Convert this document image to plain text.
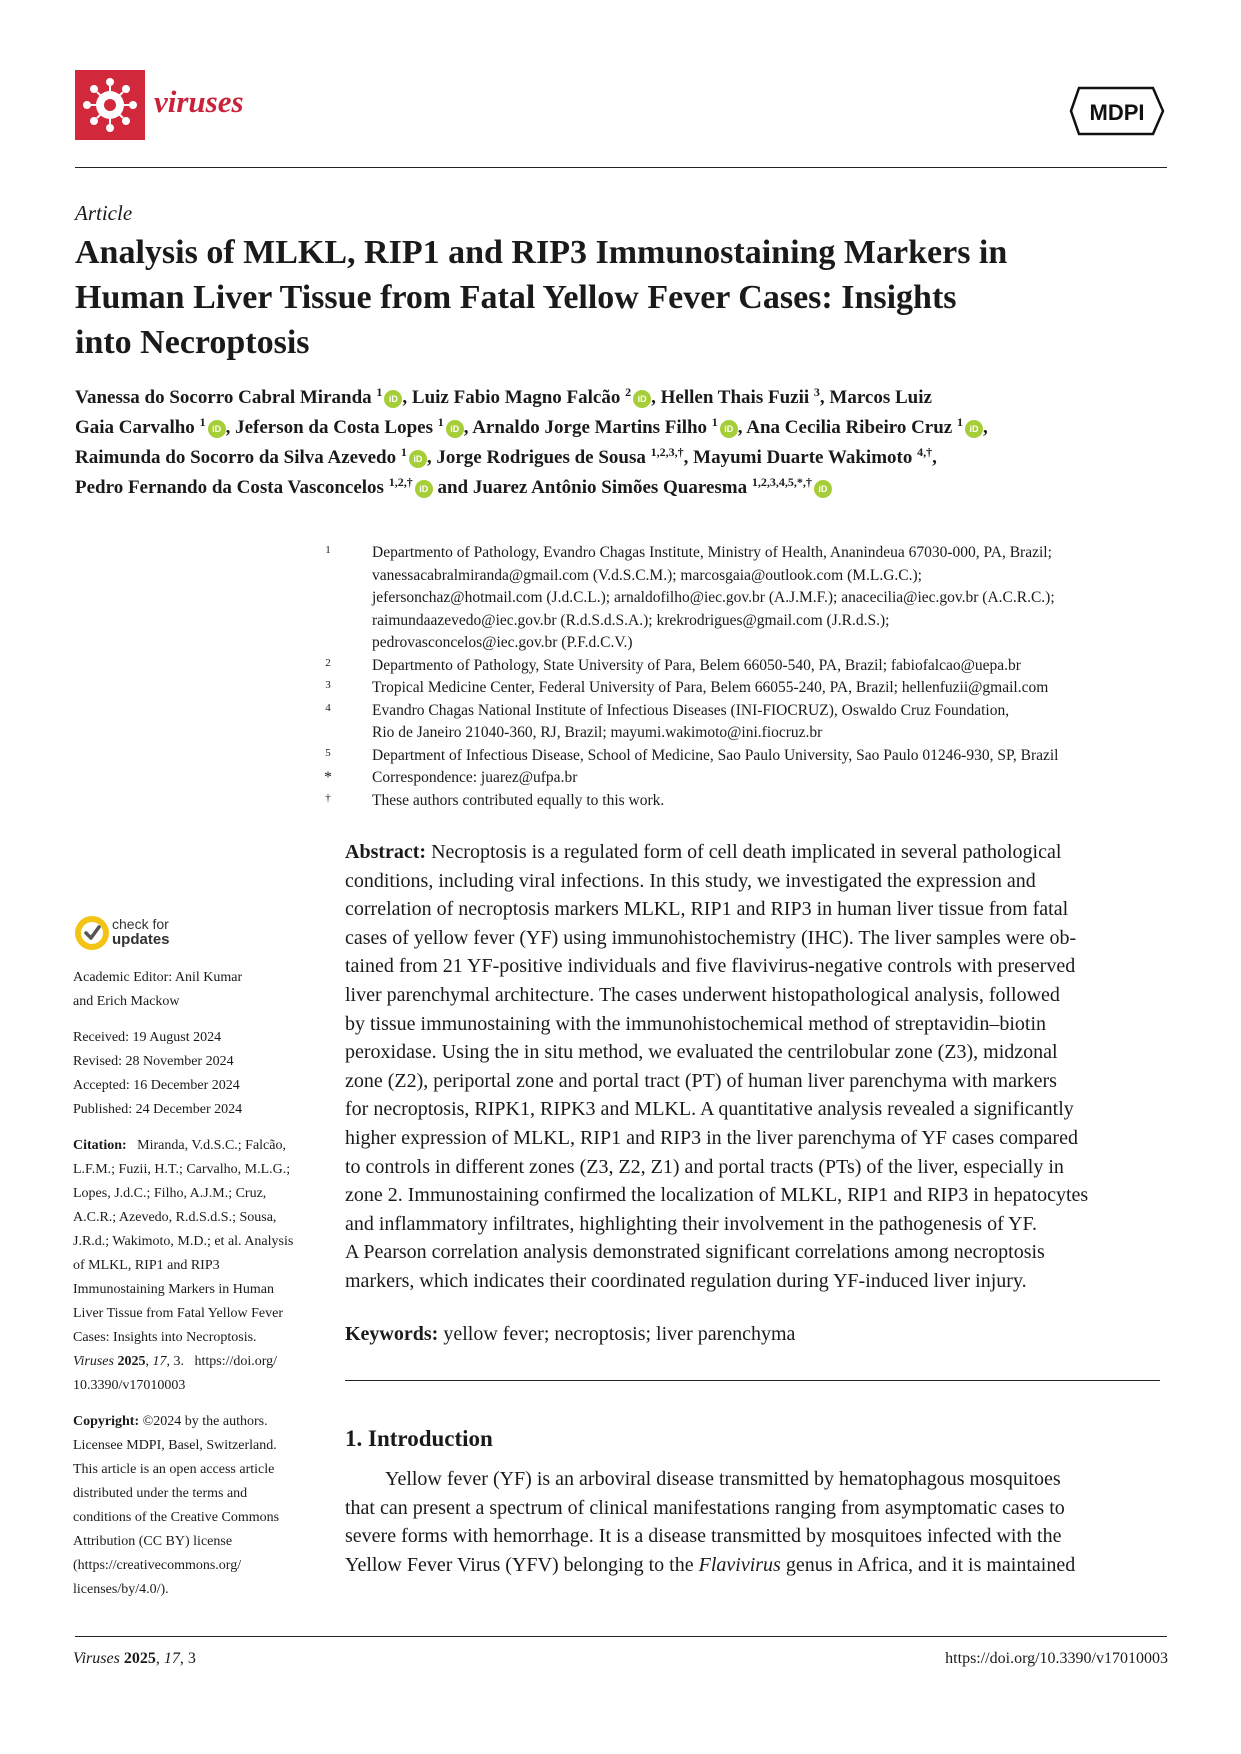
viruses	MDPI
Article
Analysis of MLKL, RIP1 and RIP3 Immunostaining Markers in
Human Liver Tissue from Fatal Yellow Fever Cases: Insights
into Necroptosis
Vanessa do Socorro Cabral Miranda $^1$ iD , Luiz Fabio Magno Falcão $^2$ iD , Hellen Thais Fuzii $^3$, Marcos Luiz
Gaia Carvalho $^1$ iD , Jeferson da Costa Lopes $^1$ iD , Arnaldo Jorge Martins Filho $^1$ iD , Ana Cecilia Ribeiro Cruz $^1$ iD ,
Raimunda do Socorro da Silva Azevedo $^1$ iD , Jorge Rodrigues de Sousa $^{1,2,3,\dagger}$, Mayumi Duarte Wakimoto $^{4,\dagger}$,
Pedro Fernando da Costa Vasconcelos $^{1,2,\dagger}$ iD and Juarez Antônio Simões Quaresma $^{1,2,3,4,5,*,\dagger}$ iD
1	Departmento of Pathology, Evandro Chagas Institute, Ministry of Health, Ananindeua 67030-000, PA, Brazil;
vanessacabralmiranda@gmail.com (V.d.S.C.M.); marcosgaia@outlook.com (M.L.G.C.);
jefersonchaz@hotmail.com (J.d.C.L.); arnaldofilho@iec.gov.br (A.J.M.F.); anacecilia@iec.gov.br (A.C.R.C.);
raimundaazevedo@iec.gov.br (R.d.S.d.S.A.); krekrodrigues@gmail.com (J.R.d.S.);
pedrovasconcelos@iec.gov.br (P.F.d.C.V.)
2	Departmento of Pathology, State University of Para, Belem 66050-540, PA, Brazil; fabiofalcao@uepa.br
3	Tropical Medicine Center, Federal University of Para, Belem 66055-240, PA, Brazil; hellenfuzii@gmail.com
4	Evandro Chagas National Institute of Infectious Diseases (INI-FIOCRUZ), Oswaldo Cruz Foundation,
Rio de Janeiro 21040-360, RJ, Brazil; mayumi.wakimoto@ini.fiocruz.br
5	Department of Infectious Disease, School of Medicine, Sao Paulo University, Sao Paulo 01246-930, SP, Brazil
*	Correspondence: juarez@ufpa.br
†	These authors contributed equally to this work.
Abstract: Necroptosis is a regulated form of cell death implicated in several pathological
conditions, including viral infections. In this study, we investigated the expression and
correlation of necroptosis markers MLKL, RIP1 and RIP3 in human liver tissue from fatal
cases of yellow fever (YF) using immunohistochemistry (IHC). The liver samples were ob-
tained from 21 YF-positive individuals and five flavivirus-negative controls with preserved
liver parenchymal architecture. The cases underwent histopathological analysis, followed
by tissue immunostaining with the immunohistochemical method of streptavidin–biotin
peroxidase. Using the in situ method, we evaluated the centrilobular zone (Z3), midzonal
zone (Z2), periportal zone and portal tract (PT) of human liver parenchyma with markers
for necroptosis, RIPK1, RIPK3 and MLKL. A quantitative analysis revealed a significantly
higher expression of MLKL, RIP1 and RIP3 in the liver parenchyma of YF cases compared
to controls in different zones (Z3, Z2, Z1) and portal tracts (PTs) of the liver, especially in
zone 2. Immunostaining confirmed the localization of MLKL, RIP1 and RIP3 in hepatocytes
and inflammatory infiltrates, highlighting their involvement in the pathogenesis of YF.
A Pearson correlation analysis demonstrated significant correlations among necroptosis
markers, which indicates their coordinated regulation during YF-induced liver injury.
Keywords: yellow fever; necroptosis; liver parenchyma
check for
updates
Academic Editor: Anil Kumar
and Erich Mackow
Received: 19 August 2024
Revised: 28 November 2024
Accepted: 16 December 2024
Published: 24 December 2024
Citation:   Miranda, V.d.S.C.; Falcão,
L.F.M.; Fuzii, H.T.; Carvalho, M.L.G.;
Lopes, J.d.C.; Filho, A.J.M.; Cruz,
A.C.R.; Azevedo, R.d.S.d.S.; Sousa,
J.R.d.; Wakimoto, M.D.; et al. Analysis
of MLKL, RIP1 and RIP3
Immunostaining Markers in Human
Liver Tissue from Fatal Yellow Fever
Cases: Insights into Necroptosis.
Viruses 2025, 17, 3.   https://doi.org/
10.3390/v17010003
Copyright: ©2024 by the authors.
Licensee MDPI, Basel, Switzerland.
This article is an open access article
distributed under the terms and
conditions of the Creative Commons
Attribution (CC BY) license
(https://creativecommons.org/
licenses/by/4.0/).
1. Introduction
Yellow fever (YF) is an arboviral disease transmitted by hematophagous mosquitoes
that can present a spectrum of clinical manifestations ranging from asymptomatic cases to
severe forms with hemorrhage. It is a disease transmitted by mosquitoes infected with the
Yellow Fever Virus (YFV) belonging to the Flavivirus genus in Africa, and it is maintained
Viruses 2025, 17, 3	https://doi.org/10.3390/v17010003
